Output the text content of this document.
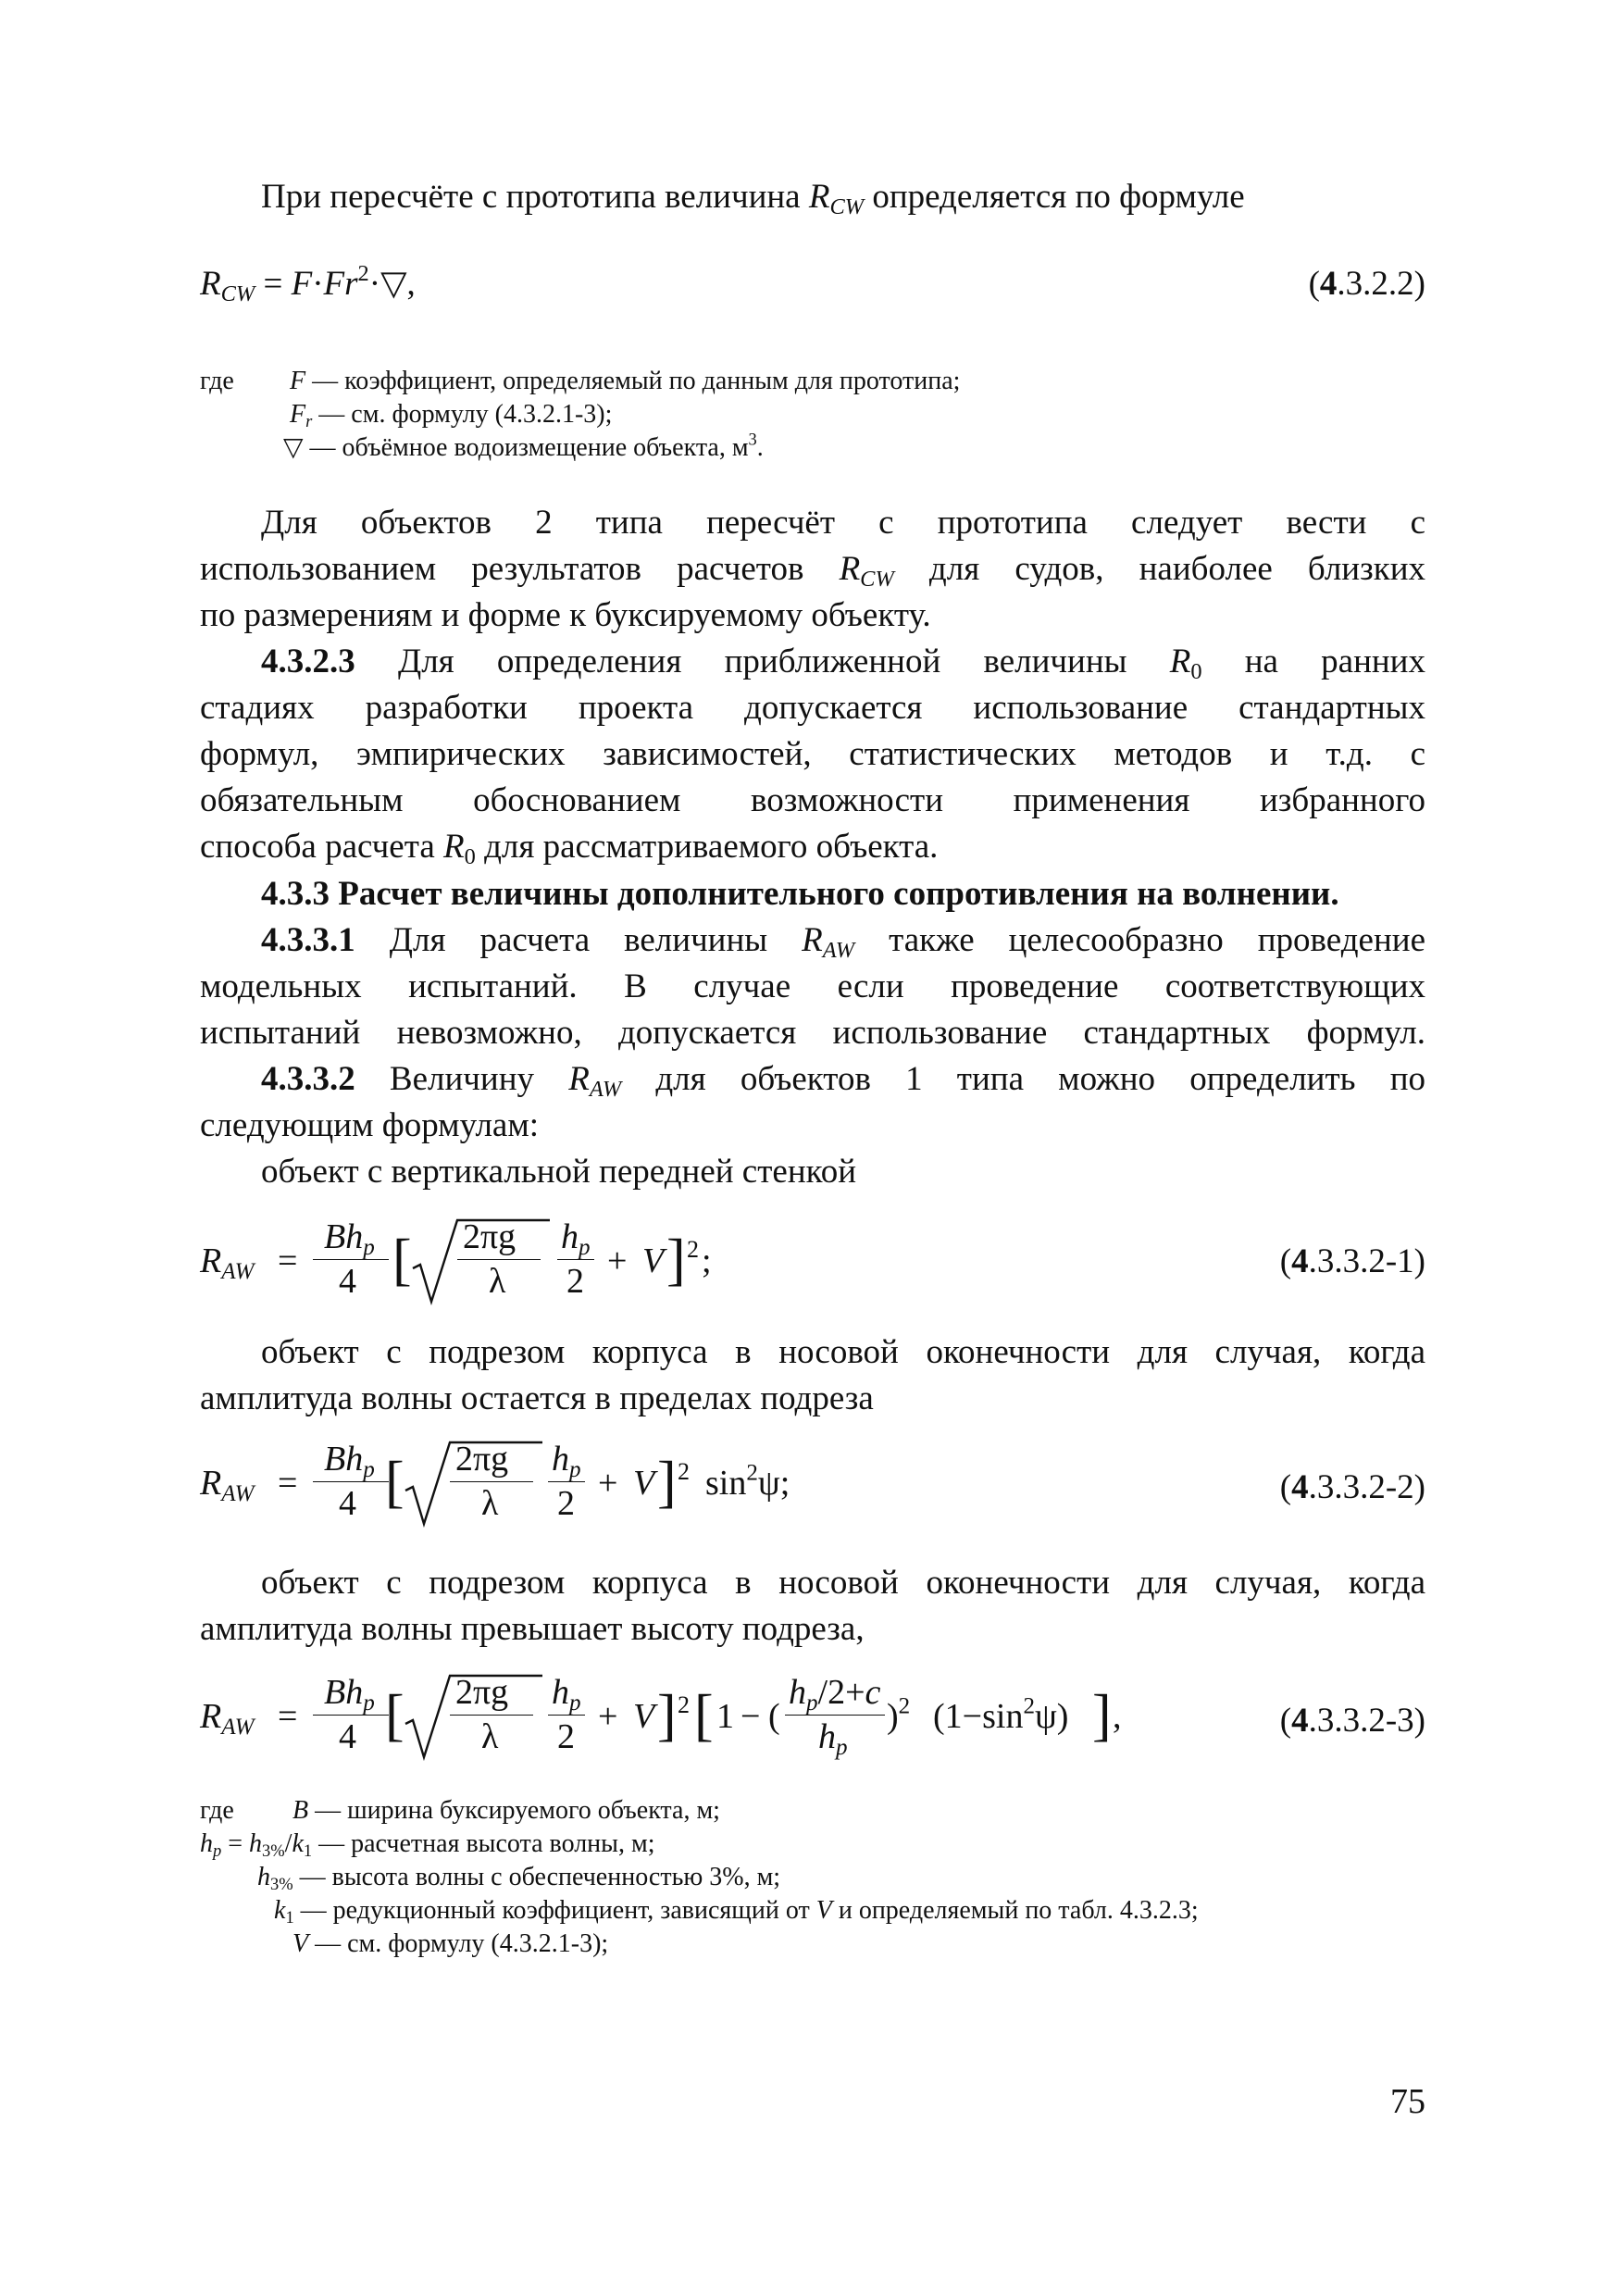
При пересчёте с прототипа величина $R_{CW}$ определяется по формуле
$R_{CW}$ = $F\cdot Fr^2\cdot▽$,	(4.3.2.2)
где F — коэффициент, определяемый по данным для прототипа;
$F_r$ — см. формулу (4.3.2.1-3);
▽ — объёмное водоизмещение объекта, $м^3$.
Для объектов 2 типа пересчёт с прототипа следует вести с
использованием результатов расчетов $R_{CW}$ для судов, наиболее близких
по размерениям и форме к буксируемому объекту.
4.3.2.3 Для определения приближенной величины $R_0$ на ранних
стадиях разработки проекта допускается использование стандартных
формул, эмпирических зависимостей, статистических методов и т.д. с
обязательным обоснованием возможности применения избранного
способа расчета $R_0$ для рассматриваемого объекта.
4.3.3 Расчет величины дополнительного сопротивления на волнении.
4.3.3.1 Для расчета величины $R_{AW}$ также целесообразно проведение
модельных испытаний. В случае если проведение соответствующих
испытаний невозможно, допускается использование стандартных формул.
4.3.3.2 Величину $R_{AW}$ для объектов 1 типа можно определить по
следующим формулам:
объект с вертикальной передней стенкой
$R_{AW}$ =
$Bh_p$
4 [ 2πg
λ
$h_p$
2
+ V ] 2 ;	(4.3.3.2-1)
объект с подрезом корпуса в носовой оконечности для случая, когда
амплитуда волны остается в пределах подреза
$R_{AW}$ =
$Bh_p$
4 [ 2πg
λ
$h_p$
2
+ V ] 2 $\sin^2\psi$;	(4.3.3.2-2)
объект с подрезом корпуса в носовой оконечности для случая, когда
амплитуда волны превышает высоту подреза,
$R_{AW}$ =
$Bh_p$
4 [ 2πg
λ
$h_p$
2
+ V ] 2 [ 1 − (
$h_p/2+c$
$h_p$
)$^2$ $(1-\sin^2\psi)$ ] ,	(4.3.3.2-3)
где B — ширина буксируемого объекта, м;
$h_p = h_{3\%}/k_1$ — расчетная высота волны, м;
$h_{3\%}$ — высота волны с обеспеченностью 3%, м;
$k_1$ — редукционный коэффициент, зависящий от V и определяемый по табл. 4.3.2.3;
V — см. формулу (4.3.2.1-3);
75
